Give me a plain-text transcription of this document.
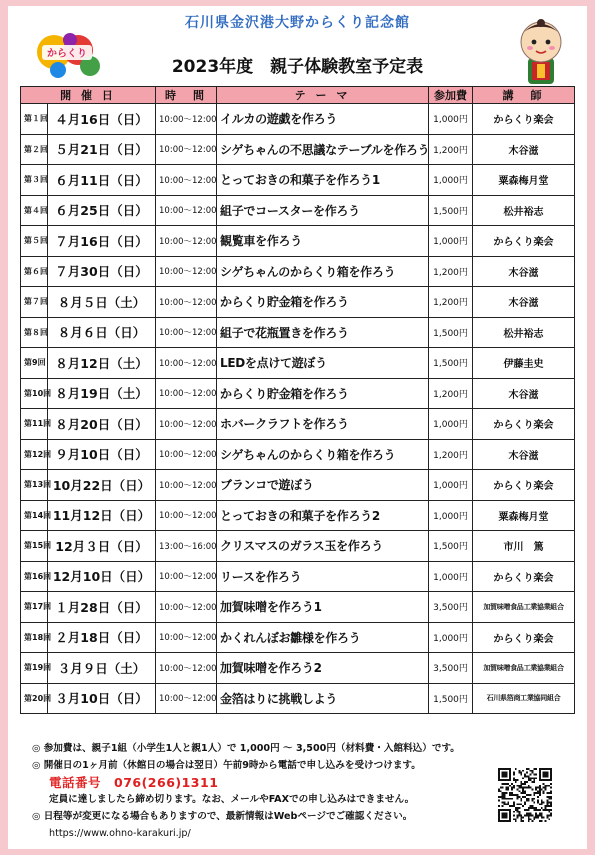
石川県金沢港大野からくり記念館
2023年度　親子体験教室予定表
からくり
開 催 日		時　間	テ ー マ	参加費	講　師
第１回	４月16日（日）	10:00～12:00	イルカの遊戯を作ろう	1,000円	からくり楽会
第２回	５月21日（日）	10:00～12:00	シゲちゃんの不思議なテーブルを作ろう	1,200円	木谷滋
第３回	６月11日（日）	10:00～12:00	とっておきの和菓子を作ろう1	1,000円	粟森梅月堂
第４回	６月25日（日）	10:00～12:00	組子でコースターを作ろう	1,500円	松井裕志
第５回	７月16日（日）	10:00～12:00	観覧車を作ろう	1,000円	からくり楽会
第６回	７月30日（日）	10:00～12:00	シゲちゃんのからくり箱を作ろう	1,200円	木谷滋
第７回	８月５日（土）	10:00～12:00	からくり貯金箱を作ろう	1,200円	木谷滋
第８回	８月６日（日）	10:00～12:00	組子で花瓶置きを作ろう	1,500円	松井裕志
第9回	８月12日（土）	10:00～12:00	LEDを点けて遊ぼう	1,500円	伊藤圭史
第10回	８月19日（土）	10:00～12:00	からくり貯金箱を作ろう	1,200円	木谷滋
第11回	８月20日（日）	10:00～12:00	ホバークラフトを作ろう	1,000円	からくり楽会
第12回	９月10日（日）	10:00～12:00	シゲちゃんのからくり箱を作ろう	1,200円	木谷滋
第13回	10月22日（日）	10:00～12:00	ブランコで遊ぼう	1,000円	からくり楽会
第14回	11月12日（日）	10:00～12:00	とっておきの和菓子を作ろう2	1,000円	粟森梅月堂
第15回	12月３日（日）	13:00～16:00	クリスマスのガラス玉を作ろう	1,500円	市川　篤
第16回	12月10日（日）	10:00～12:00	リースを作ろう	1,000円	からくり楽会
第17回	１月28日（日）	10:00～12:00	加賀味噌を作ろう1	3,500円	加賀味噌食品工業協業組合
第18回	２月18日（日）	10:00～12:00	かくれんぼお雛様を作ろう	1,000円	からくり楽会
第19回	３月９日（土）	10:00～12:00	加賀味噌を作ろう2	3,500円	加賀味噌食品工業協業組合
第20回	３月10日（日）	10:00～12:00	金箔はりに挑戦しよう	1,500円	石川県箔商工業協同組合
◎ 参加費は、親子1組（小学生1人と親1人）で 1,000円 ～ 3,500円（材料費・入館料込）です。
◎ 開催日の1ヶ月前（休館日の場合は翌日）午前9時から電話で申し込みを受けつけます。
電話番号　076(266)1311
定員に達しましたら締め切ります。なお、メールやFAXでの申し込みはできません。
◎ 日程等が変更になる場合もありますので、最新情報はWebページでご確認ください。
https://www.ohno-karakuri.jp/
